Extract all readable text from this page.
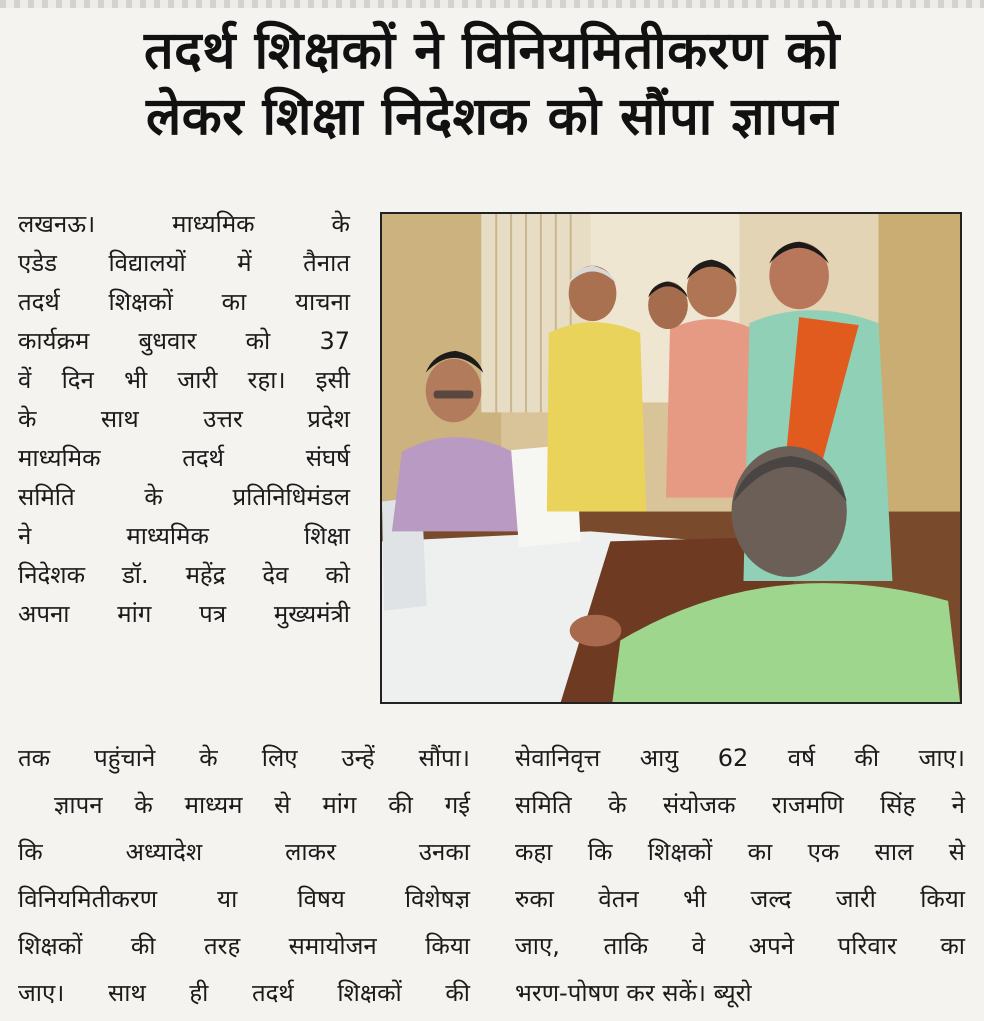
तदर्थ शिक्षकों ने विनियमितीकरण को
लेकर शिक्षा निदेशक को सौंपा ज्ञापन
लखनऊ। माध्यमिक के
एडेड विद्यालयों में तैनात
तदर्थ शिक्षकों का याचना
कार्यक्रम बुधवार को 37
वें दिन भी जारी रहा। इसी
के साथ उत्तर प्रदेश
माध्यमिक तदर्थ संघर्ष
समिति के प्रतिनिधिमंडल
ने माध्यमिक शिक्षा
निदेशक डॉ. महेंद्र देव को
अपना मांग पत्र मुख्यमंत्री
तक पहुंचाने के लिए उन्हें सौंपा।
ज्ञापन के माध्यम से मांग की गई
कि अध्यादेश लाकर उनका
विनियमितीकरण या विषय विशेषज्ञ
शिक्षकों की तरह समायोजन किया
जाए। साथ ही तदर्थ शिक्षकों की
सेवानिवृत्त आयु 62 वर्ष की जाए।
समिति के संयोजक राजमणि सिंह ने
कहा कि शिक्षकों का एक साल से
रुका वेतन भी जल्द जारी किया
जाए, ताकि वे अपने परिवार का
भरण-पोषण कर सकें। ब्यूरो
